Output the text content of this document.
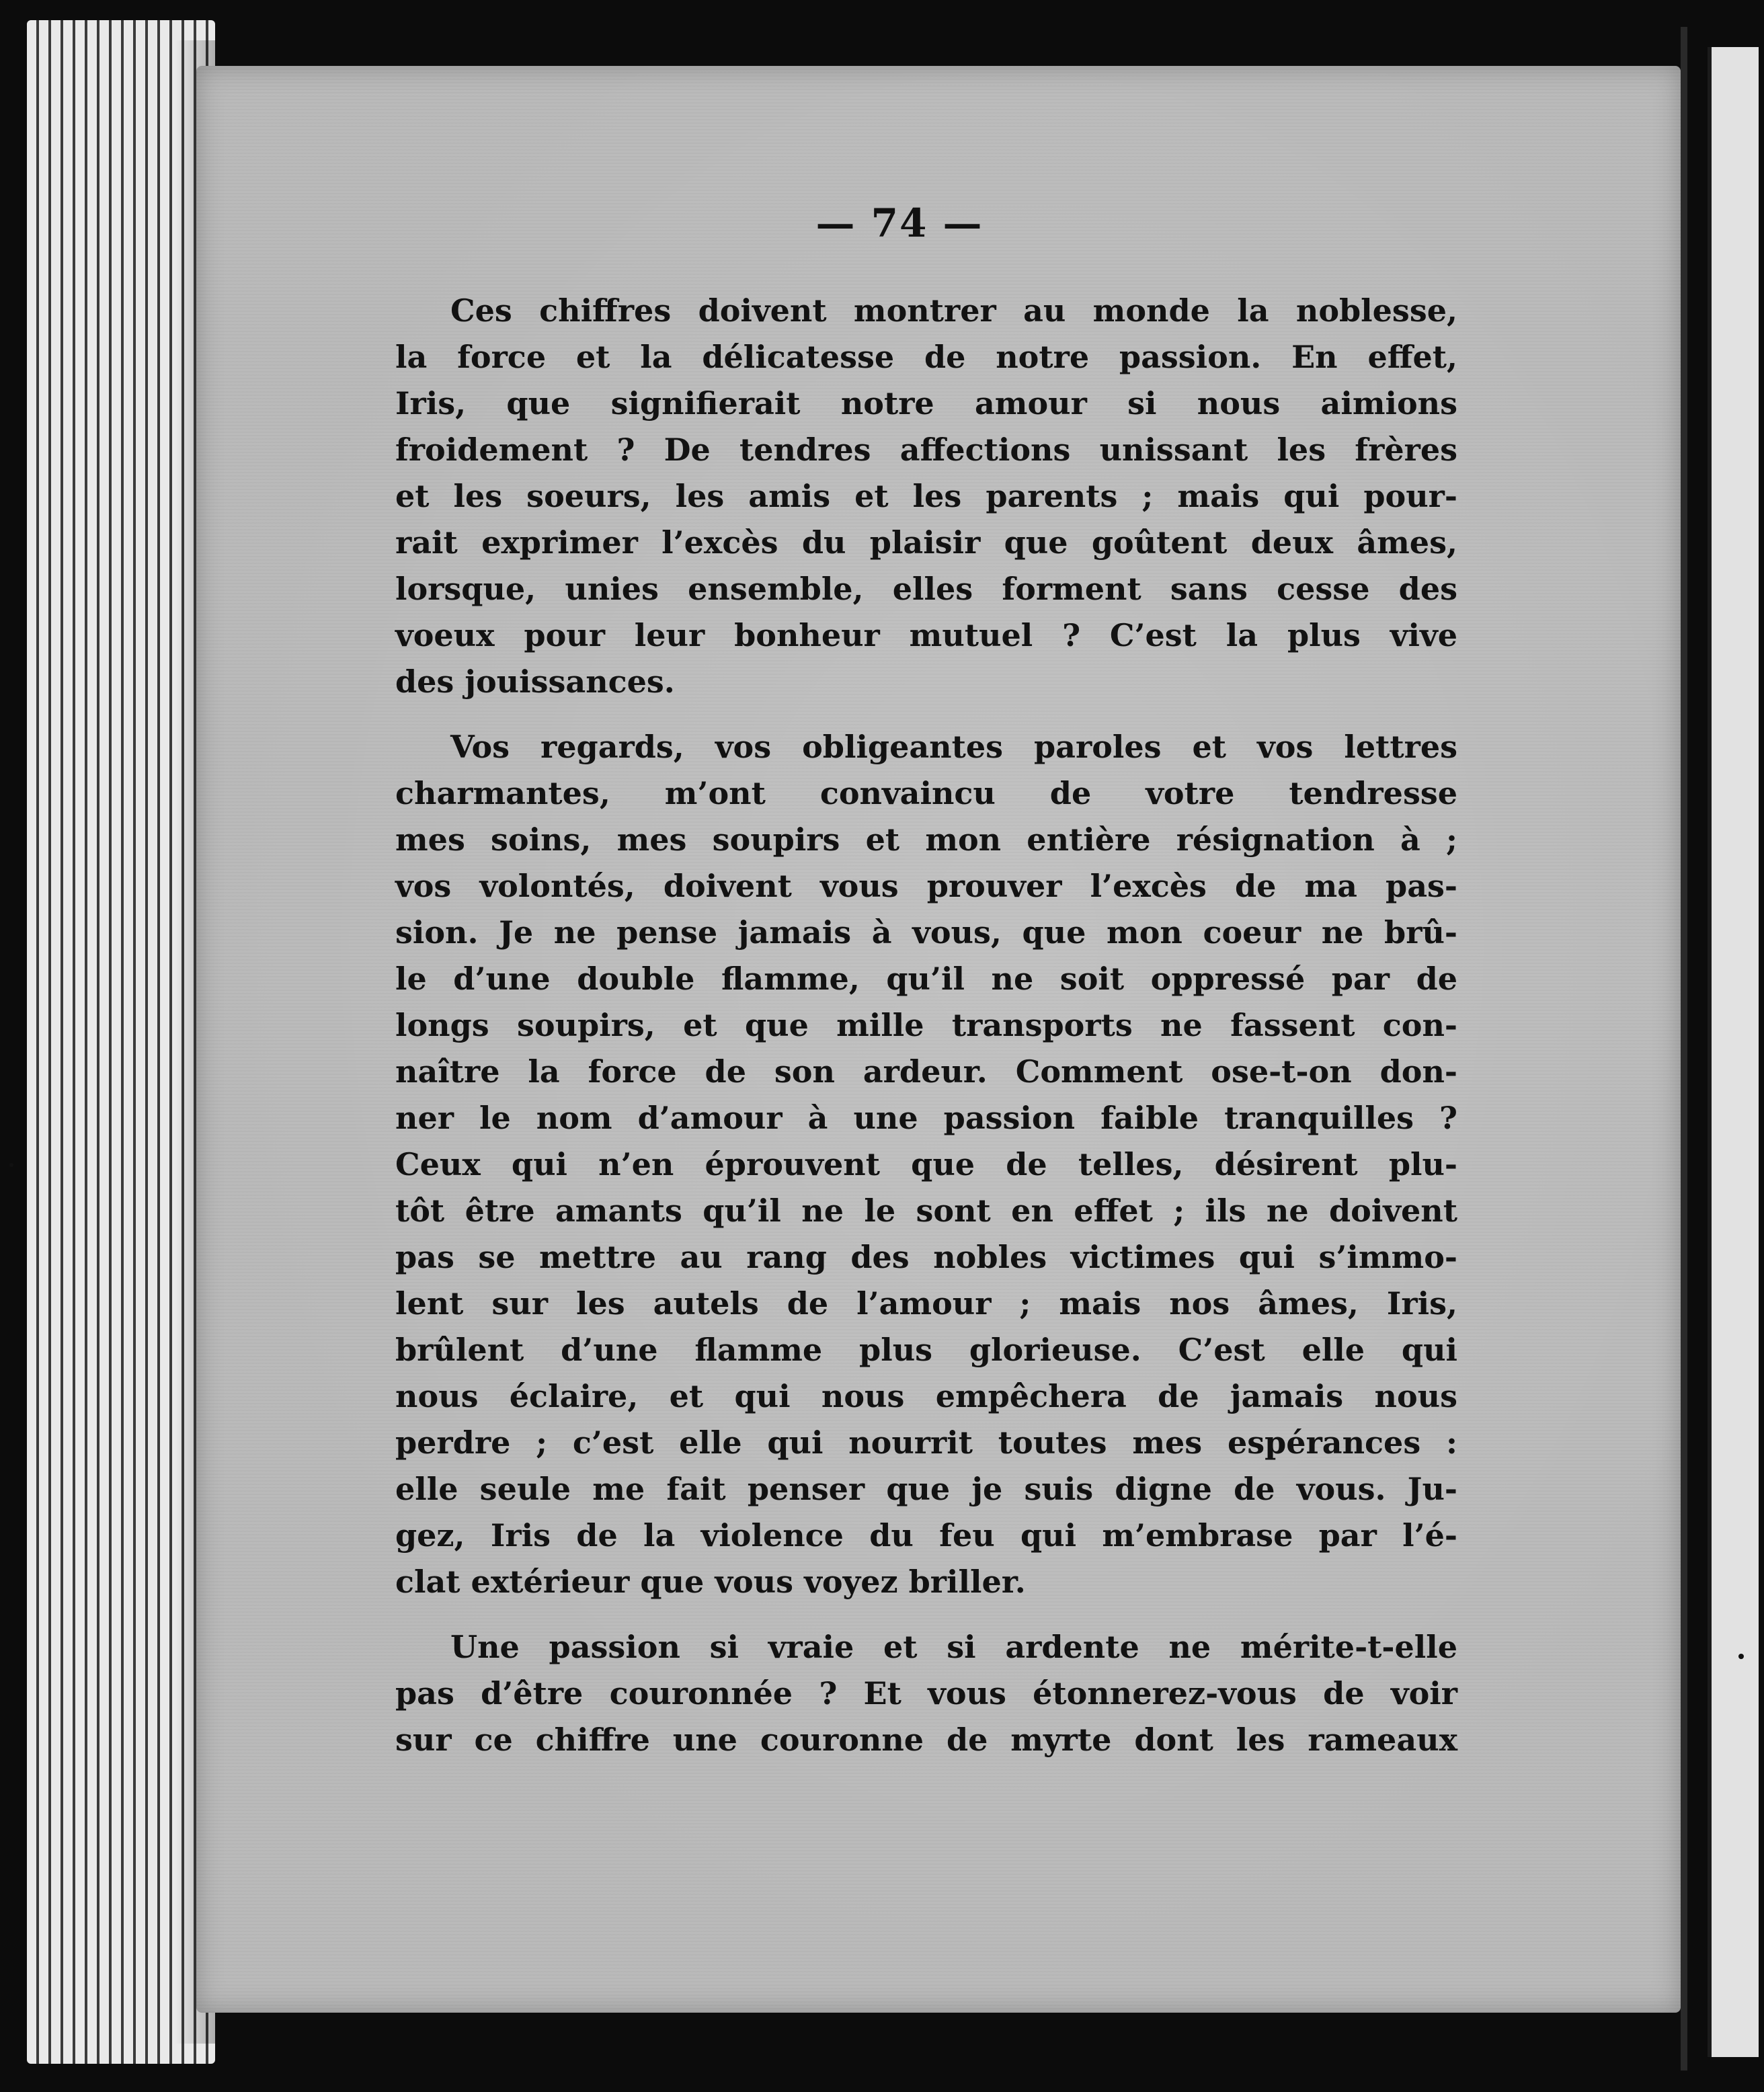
— 74 —
Ces chiffres doivent montrer au monde la noblesse,
la force et la délicatesse de notre passion. En effet,
Iris, que signifierait notre amour si nous aimions
froidement ? De tendres affections unissant les frères
et les soeurs, les amis et les parents ; mais qui pour-
rait exprimer l’excès du plaisir que goûtent deux âmes,
lorsque, unies ensemble, elles forment sans cesse des
voeux pour leur bonheur mutuel ? C’est la plus vive
des jouissances.
Vos regards, vos obligeantes paroles et vos lettres
charmantes, m’ont convaincu de votre tendresse
mes soins, mes soupirs et mon entière résignation à ;
vos volontés, doivent vous prouver l’excès de ma pas-
sion. Je ne pense jamais à vous, que mon coeur ne brû-
le d’une double flamme, qu’il ne soit oppressé par de
longs soupirs, et que mille transports ne fassent con-
naître la force de son ardeur. Comment ose-t-on don-
ner le nom d’amour à une passion faible tranquilles ?
Ceux qui n’en éprouvent que de telles, désirent plu-
tôt être amants qu’il ne le sont en effet ; ils ne doivent
pas se mettre au rang des nobles victimes qui s’immo-
lent sur les autels de l’amour ; mais nos âmes, Iris,
brûlent d’une flamme plus glorieuse. C’est elle qui
nous éclaire, et qui nous empêchera de jamais nous
perdre ; c’est elle qui nourrit toutes mes espérances :
elle seule me fait penser que je suis digne de vous. Ju-
gez, Iris de la violence du feu qui m’embrase par l’é-
clat extérieur que vous voyez briller.
Une passion si vraie et si ardente ne mérite-t-elle
pas d’être couronnée ? Et vous étonnerez-vous de voir
sur ce chiffre une couronne de myrte dont les rameaux
